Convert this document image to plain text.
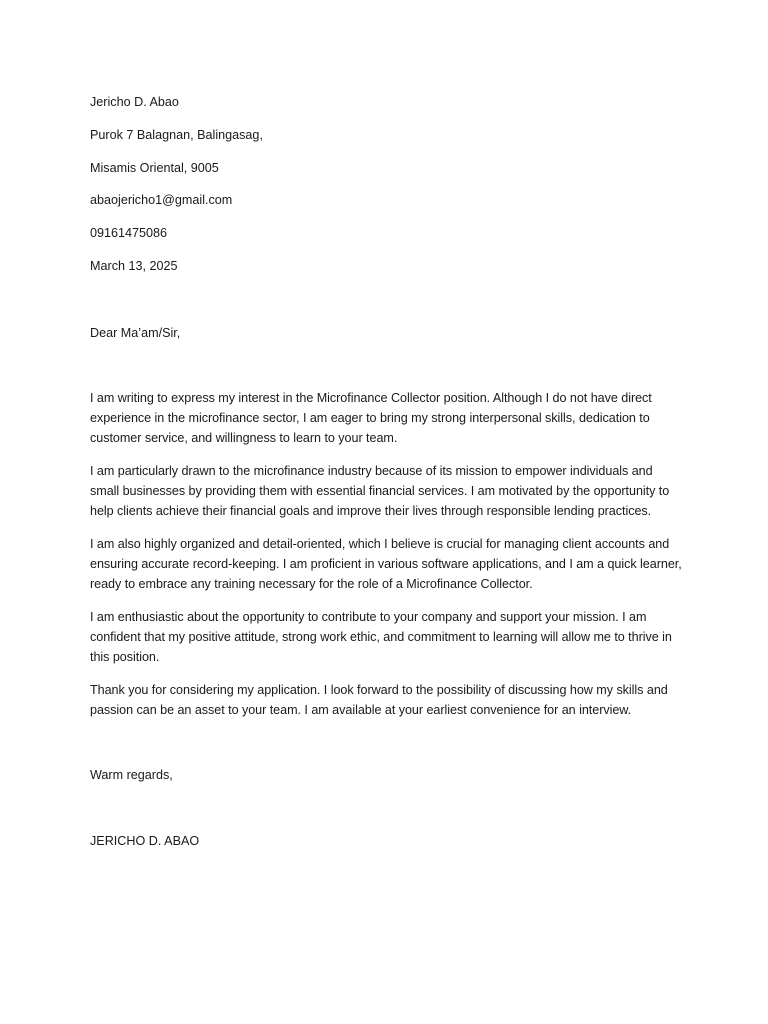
Jericho D. Abao
Purok 7 Balagnan, Balingasag,
Misamis Oriental, 9005
abaojericho1@gmail.com
09161475086
March 13, 2025
Dear Ma’am/Sir,
I am writing to express my interest in the Microfinance Collector position. Although I do not have direct experience in the microfinance sector, I am eager to bring my strong interpersonal skills, dedication to customer service, and willingness to learn to your team.
I am particularly drawn to the microfinance industry because of its mission to empower individuals and small businesses by providing them with essential financial services. I am motivated by the opportunity to help clients achieve their financial goals and improve their lives through responsible lending practices.
I am also highly organized and detail-oriented, which I believe is crucial for managing client accounts and ensuring accurate record-keeping. I am proficient in various software applications, and I am a quick learner, ready to embrace any training necessary for the role of a Microfinance Collector.
I am enthusiastic about the opportunity to contribute to your company and support your mission. I am confident that my positive attitude, strong work ethic, and commitment to learning will allow me to thrive in this position.
Thank you for considering my application. I look forward to the possibility of discussing how my skills and passion can be an asset to your team. I am available at your earliest convenience for an interview.
Warm regards,
JERICHO D. ABAO
